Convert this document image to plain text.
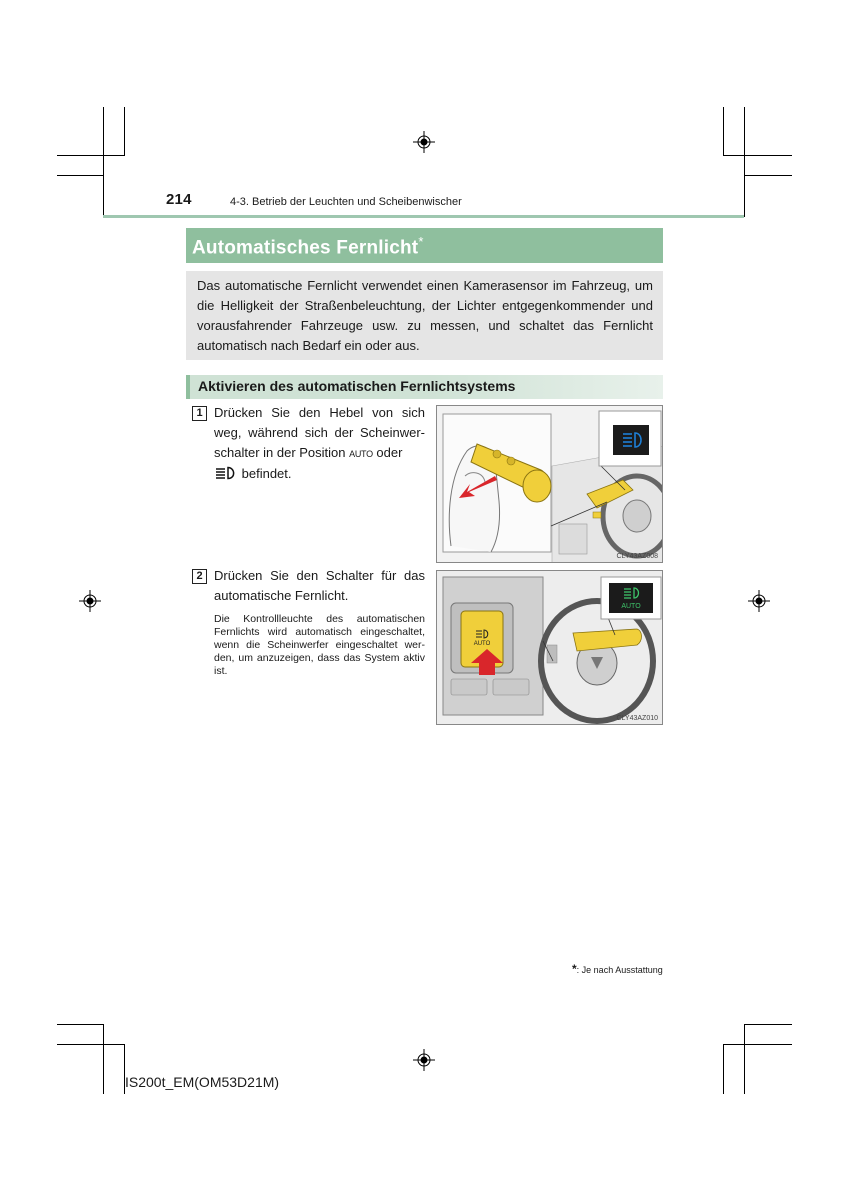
214	4-3. Betrieb der Leuchten und Scheibenwischer
Automatisches Fernlicht*

Das automatische Fernlicht verwendet einen Kamerasensor im Fahrzeug, um die Helligkeit der Straßenbeleuchtung, der Lichter entgegenkommender und vorausfahrender Fahrzeuge usw. zu messen, und schaltet das Fernlicht automatisch nach Bedarf ein oder aus.

Aktivieren des automatischen Fernlichtsystems
1 Drücken Sie den Hebel von sich weg, während sich der Scheinwer-schalter in der Position AUTO oder
befindet.
CLY43AZ008
2 Drücken Sie den Schalter für das automatische Fernlicht.
Die Kontrollleuchte des automatischen Fernlichts wird automatisch eingeschaltet, wenn die Scheinwerfer eingeschaltet wer-den, um anzuzeigen, dass das System aktiv ist.
AUTO
AUTO
CLY43AZ010
*: Je nach Ausstattung
IS200t_EM(OM53D21M)
